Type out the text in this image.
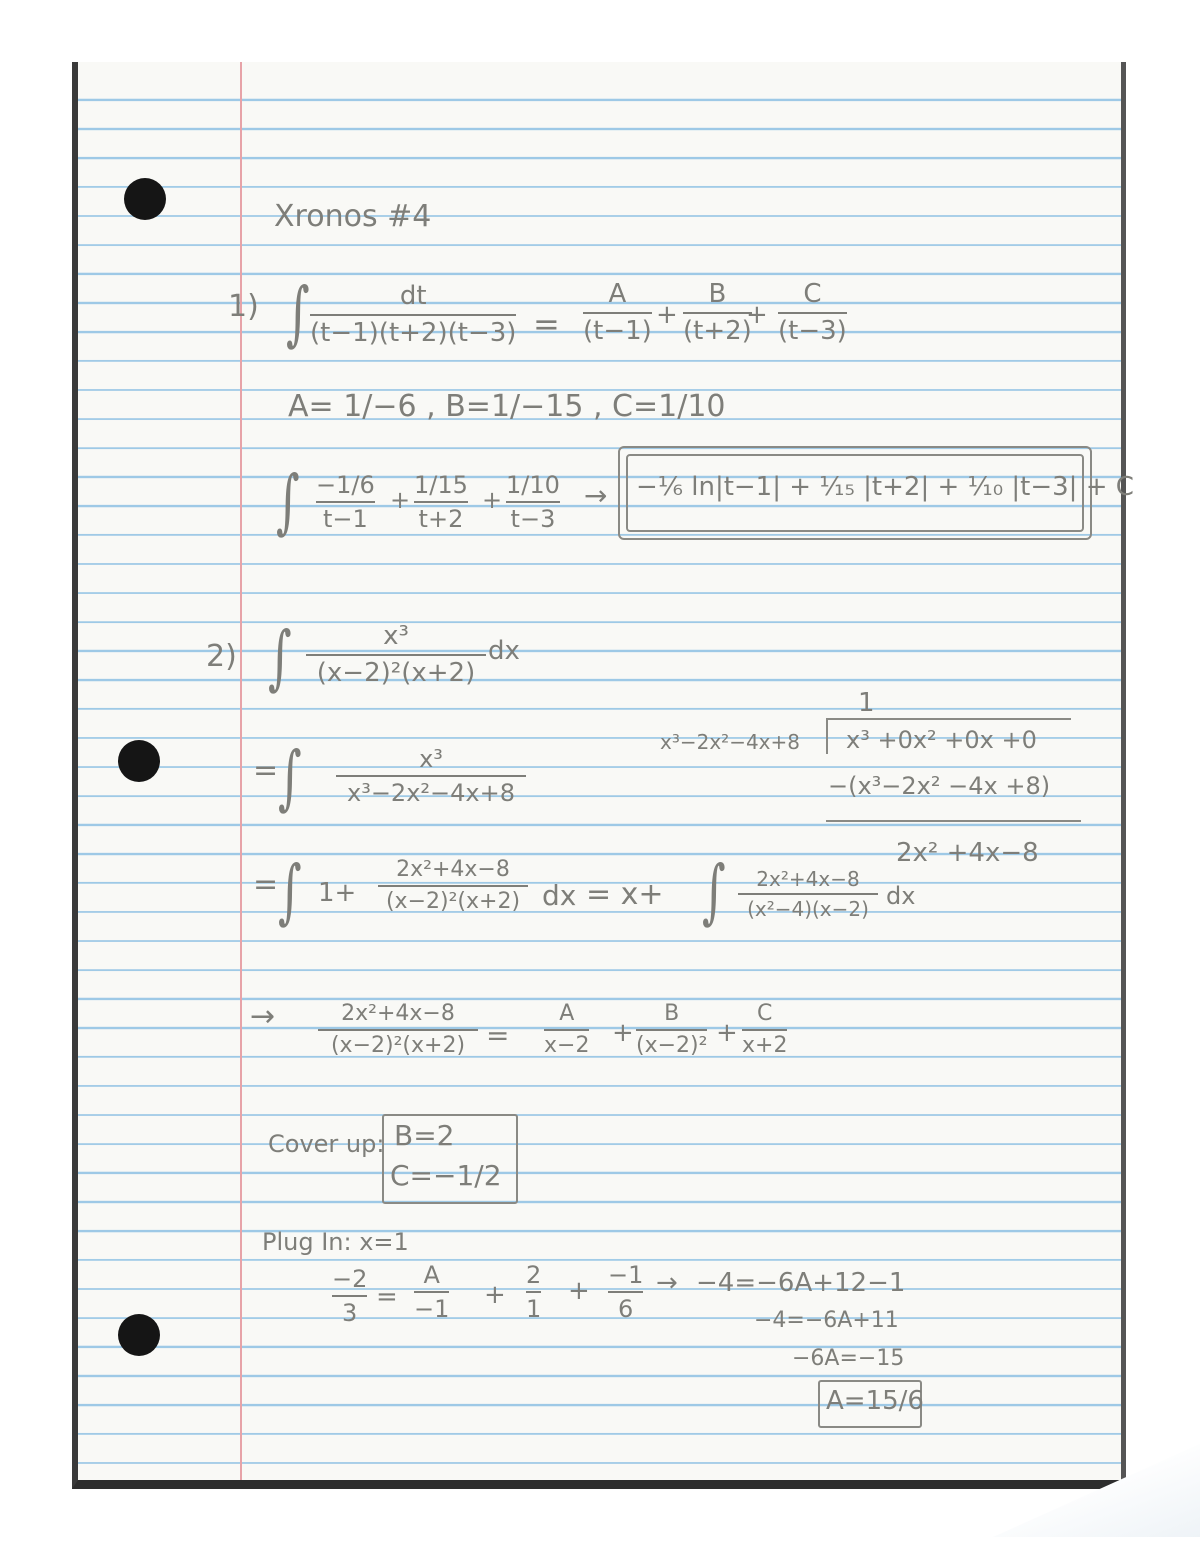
Xronos #4
1) ∫	dt
(t−1)(t+2)(t−3) =
A
(t−1)
+
B
(t+2)
+
C
(t−3)
A= 1/−6 , B=1/−15 , C=1/10
∫ −1/6
t−1
+
1/15
t+2
+
1/10
t−3
→ −¹⁄₆ ln|t−1| + ¹⁄₁₅ |t+2| + ¹⁄₁₀ |t−3| + C
2) ∫	x³
(x−2)²(x+2)
dx
= ∫	x³
x³−2x²−4x+8
1
x³−2x²−4x+8 x³ +0x² +0x +0
−(x³−2x² −4x +8)
2x² +4x−8
= ∫ 1+
2x²+4x−8
(x−2)²(x+2) dx = x+ ∫ 2x²+4x−8
(x²−4)(x−2) dx
→	2x²+4x−8
(x−2)²(x+2) =
A
x−2 +
B
(x−2)² +
C
x+2
Cover up: B=2
C=−1/2
Plug In: x=1
−2
3
=
A
−1 +
2
1
+
−1
6
→ −4=−6A+12−1
−4=−6A+11
−6A=−15
A=15/6
